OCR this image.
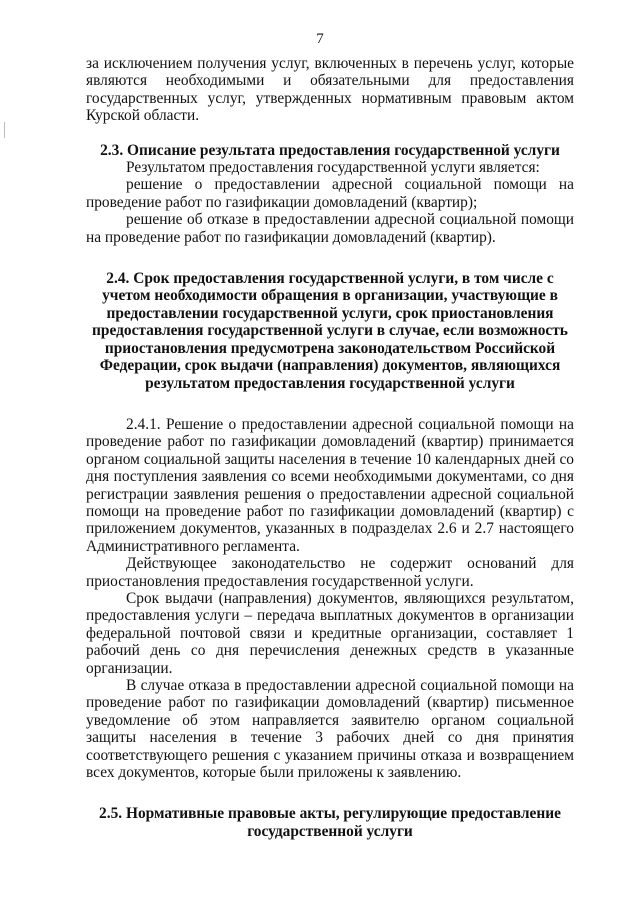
7

за исключением получения услуг, включенных в перечень услуг, которые являются необходимыми и обязательными для предоставления государственных услуг, утвержденных нормативным правовым актом Курской области.

2.3. Описание результата предоставления государственной услуги

Результатом предоставления государственной услуги является:

решение о предоставлении адресной социальной помощи на проведение работ по газификации домовладений (квартир);

решение об отказе в предоставлении адресной социальной помощи на проведение работ по газификации домовладений (квартир).

2.4. Срок предоставления государственной услуги, в том числе с учетом необходимости обращения в организации, участвующие в предоставлении государственной услуги, срок приостановления предоставления государственной услуги в случае, если возможность приостановления предусмотрена законодательством Российской Федерации, срок выдачи (направления) документов, являющихся результатом предоставления государственной услуги

2.4.1. Решение о предоставлении адресной социальной помощи на проведение работ по газификации домовладений (квартир) принимается органом социальной защиты населения в течение 10 календарных дней со дня поступления заявления со всеми необходимыми документами, со дня регистрации заявления решения о предоставлении адресной социальной помощи на проведение работ по газификации домовладений (квартир) с приложением документов, указанных в подразделах 2.6 и 2.7 настоящего Административного регламента.

Действующее законодательство не содержит оснований для приостановления предоставления государственной услуги.

Срок выдачи (направления) документов, являющихся результатом, предоставления услуги – передача выплатных документов в организации федеральной почтовой связи и кредитные организации, составляет 1 рабочий день со дня перечисления денежных средств в указанные организации.

В случае отказа в предоставлении адресной социальной помощи на проведение работ по газификации домовладений (квартир) письменное уведомление об этом направляется заявителю органом социальной защиты населения в течение 3 рабочих дней со дня принятия соответствующего решения с указанием причины отказа и возвращением всех документов, которые были приложены к заявлению.

2.5. Нормативные правовые акты, регулирующие предоставление государственной услуги
